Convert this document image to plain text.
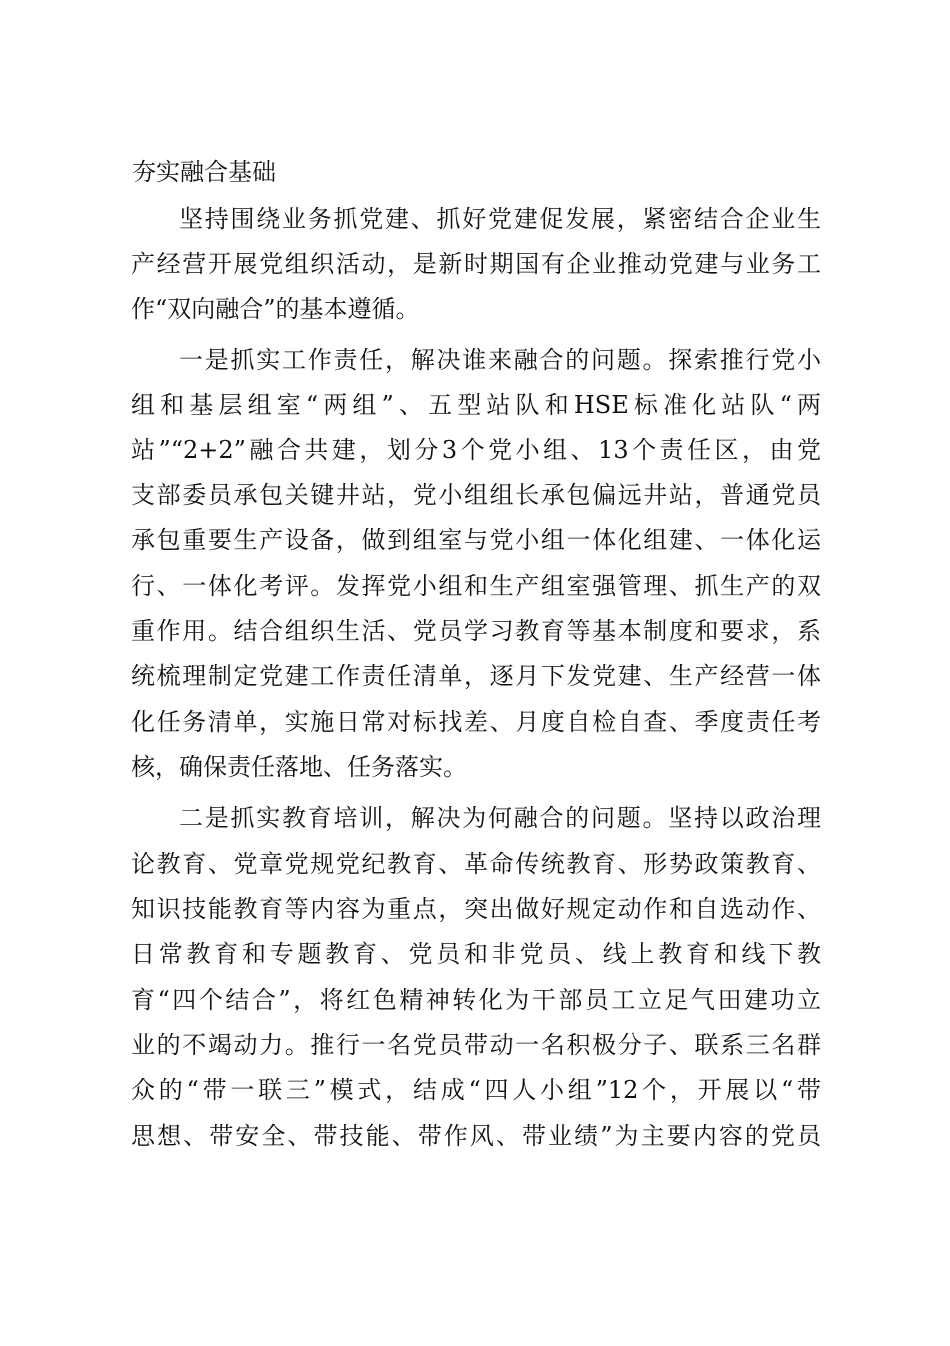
夯实融合基础
坚持围绕业务抓党建、抓好党建促发展，紧密结合企业生
产经营开展党组织活动，是新时期国有企业推动党建与业务工
作“双向融合”的基本遵循。
一是抓实工作责任，解决谁来融合的问题。探索推行党小
组和基层组室“两组”、五型站队和HSE标准化站队“两
站”“2+2”融合共建，划分3个党小组、13个责任区，由党
支部委员承包关键井站，党小组组长承包偏远井站，普通党员
承包重要生产设备，做到组室与党小组一体化组建、一体化运
行、一体化考评。发挥党小组和生产组室强管理、抓生产的双
重作用。结合组织生活、党员学习教育等基本制度和要求，系
统梳理制定党建工作责任清单，逐月下发党建、生产经营一体
化任务清单，实施日常对标找差、月度自检自查、季度责任考
核，确保责任落地、任务落实。
二是抓实教育培训，解决为何融合的问题。坚持以政治理
论教育、党章党规党纪教育、革命传统教育、形势政策教育、
知识技能教育等内容为重点，突出做好规定动作和自选动作、
日常教育和专题教育、党员和非党员、线上教育和线下教
育“四个结合”，将红色精神转化为干部员工立足气田建功立
业的不竭动力。推行一名党员带动一名积极分子、联系三名群
众的“带一联三”模式，结成“四人小组”12个，开展以“带
思想、带安全、带技能、带作风、带业绩”为主要内容的党员
